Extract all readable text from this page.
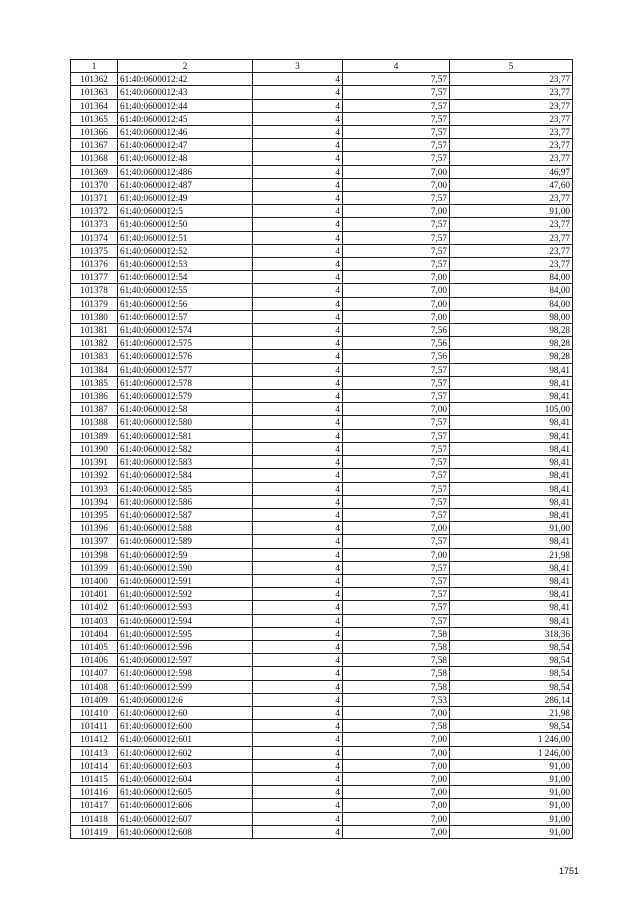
1	2	3	4	5
101362	61:40:0600012:42	4	7,57	23,77
101363	61:40:0600012:43	4	7,57	23,77
101364	61:40:0600012:44	4	7,57	23,77
101365	61:40:0600012:45	4	7,57	23,77
101366	61:40:0600012:46	4	7,57	23,77
101367	61:40:0600012:47	4	7,57	23,77
101368	61:40:0600012:48	4	7,57	23,77
101369	61:40:0600012:486	4	7,00	46,97
101370	61:40:0600012:487	4	7,00	47,60
101371	61:40:0600012:49	4	7,57	23,77
101372	61:40:0600012:5	4	7,00	91,00
101373	61:40:0600012:50	4	7,57	23,77
101374	61:40:0600012:51	4	7,57	23,77
101375	61:40:0600012:52	4	7,57	23,77
101376	61:40:0600012:53	4	7,57	23,77
101377	61:40:0600012:54	4	7,00	84,00
101378	61:40:0600012:55	4	7,00	84,00
101379	61:40:0600012:56	4	7,00	84,00
101380	61:40:0600012:57	4	7,00	98,00
101381	61:40:0600012:574	4	7,56	98,28
101382	61:40:0600012:575	4	7,56	98,28
101383	61:40:0600012:576	4	7,56	98,28
101384	61:40:0600012:577	4	7,57	98,41
101385	61:40:0600012:578	4	7,57	98,41
101386	61:40:0600012:579	4	7,57	98,41
101387	61:40:0600012:58	4	7,00	105,00
101388	61:40:0600012:580	4	7,57	98,41
101389	61:40:0600012:581	4	7,57	98,41
101390	61:40:0600012:582	4	7,57	98,41
101391	61:40:0600012:583	4	7,57	98,41
101392	61:40:0600012:584	4	7,57	98,41
101393	61:40:0600012:585	4	7,57	98,41
101394	61:40:0600012:586	4	7,57	98,41
101395	61:40:0600012:587	4	7,57	98,41
101396	61:40:0600012:588	4	7,00	91,00
101397	61:40:0600012:589	4	7,57	98,41
101398	61:40:0600012:59	4	7,00	21,98
101399	61:40:0600012:590	4	7,57	98,41
101400	61:40:0600012:591	4	7,57	98,41
101401	61:40:0600012:592	4	7,57	98,41
101402	61:40:0600012:593	4	7,57	98,41
101403	61:40:0600012:594	4	7,57	98,41
101404	61:40:0600012:595	4	7,58	318,36
101405	61:40:0600012:596	4	7,58	98,54
101406	61:40:0600012:597	4	7,58	98,54
101407	61:40:0600012:598	4	7,58	98,54
101408	61:40:0600012:599	4	7,58	98,54
101409	61:40:0600012:6	4	7,53	286,14
101410	61:40:0600012:60	4	7,00	21,98
101411	61:40:0600012:600	4	7,58	98,54
101412	61:40:0600012:601	4	7,00	1 246,00
101413	61:40:0600012:602	4	7,00	1 246,00
101414	61:40:0600012:603	4	7,00	91,00
101415	61:40:0600012:604	4	7,00	91,00
101416	61:40:0600012:605	4	7,00	91,00
101417	61:40:0600012:606	4	7,00	91,00
101418	61:40:0600012:607	4	7,00	91,00
101419	61:40:0600012:608	4	7,00	91,00
1751
